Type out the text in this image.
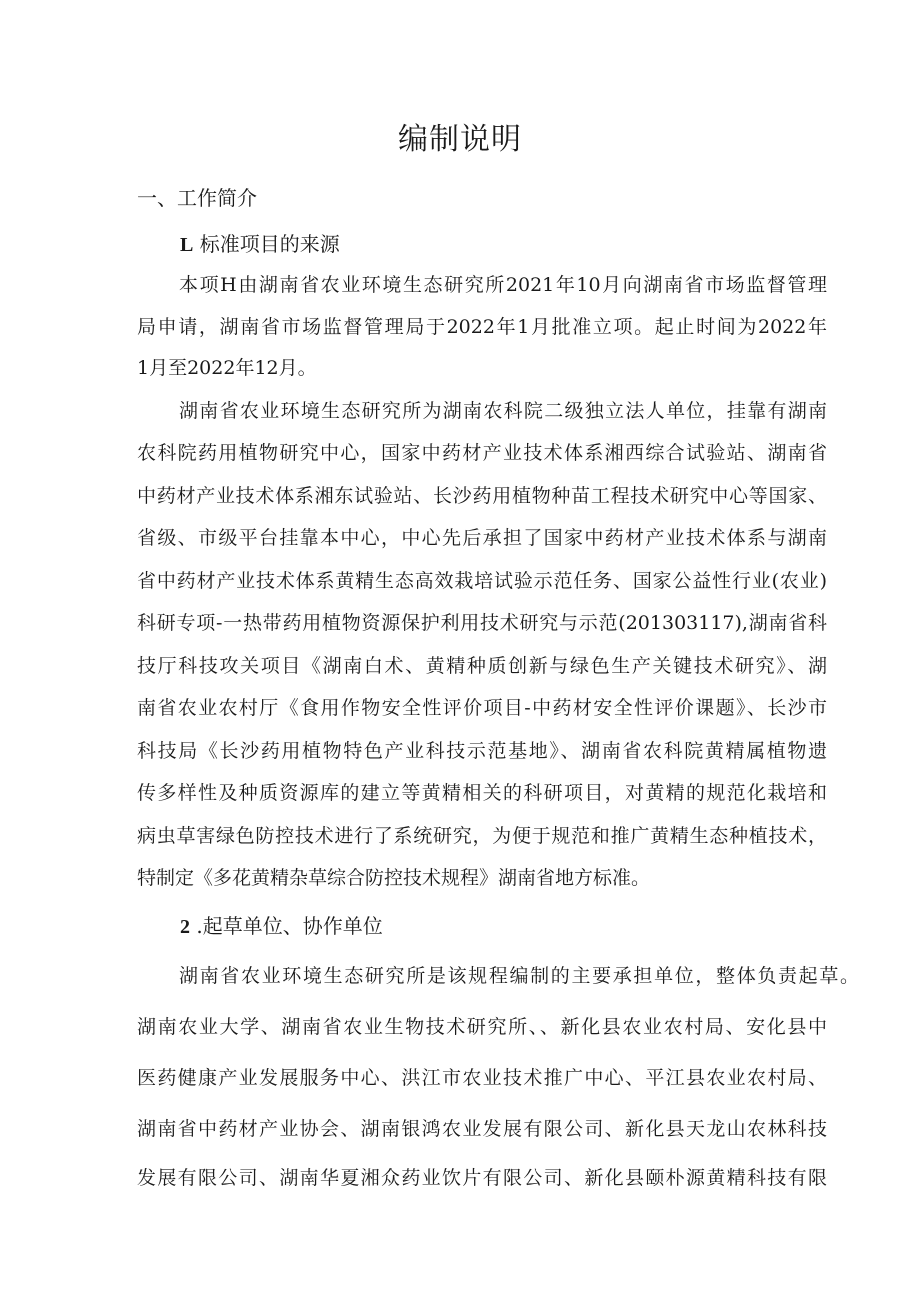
编制说明
一、工作简介
L 标准项目的来源
本项H由湖南省农业环境生态研究所2021年10月向湖南省市场监督管理
局申请，湖南省市场监督管理局于2022年1月批准立项。起止时间为2022年
1月至2022年12月。
湖南省农业环境生态研究所为湖南农科院二级独立法人单位，挂靠有湖南
农科院药用植物研究中心，国家中药材产业技术体系湘西综合试验站、湖南省
中药材产业技术体系湘东试验站、长沙药用植物种苗工程技术研究中心等国家、
省级、市级平台挂靠本中心，中心先后承担了国家中药材产业技术体系与湖南
省中药材产业技术体系黄精生态高效栽培试验示范任务、国家公益性行业(农业)
科研专项-一热带药用植物资源保护利用技术研究与示范(201303117),湖南省科
技厅科技攻关项目《湖南白术、黄精种质创新与绿色生产关键技术研究》、湖
南省农业农村厅《食用作物安全性评价项目-中药材安全性评价课题》、长沙市
科技局《长沙药用植物特色产业科技示范基地》、湖南省农科院黄精属植物遗
传多样性及种质资源库的建立等黄精相关的科研项目，对黄精的规范化栽培和
病虫草害绿色防控技术进行了系统研究，为便于规范和推广黄精生态种植技术，
特制定《多花黄精杂草综合防控技术规程》湖南省地方标准。
2 .起草单位、协作单位
湖南省农业环境生态研究所是该规程编制的主要承担单位，整体负责起草。
湖南农业大学、湖南省农业生物技术研究所、、新化县农业农村局、安化县中
医药健康产业发展服务中心、洪江市农业技术推广中心、平江县农业农村局、
湖南省中药材产业协会、湖南银鸿农业发展有限公司、新化县天龙山农林科技
发展有限公司、湖南华夏湘众药业饮片有限公司、新化县颐朴源黄精科技有限
